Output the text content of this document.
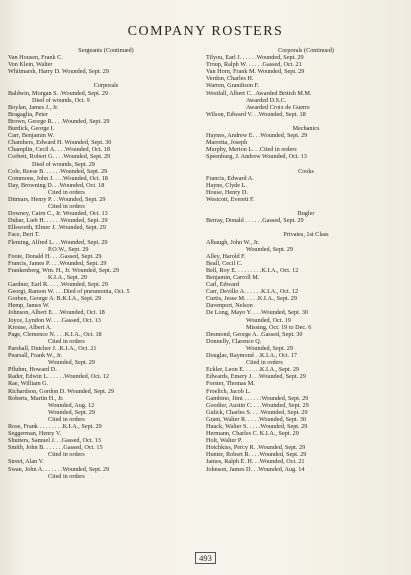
COMPANY ROSTERS
Sergeants (Continued)
Van Housen, Frank C.
Von Klein, Walter
Whitmarsh, Harry D. Wounded, Sept. 29
Corporals
Baldwin, Morgan S. .Wounded, Sept. 29
Died of wounds, Oct. 9
Boylan, James J., Jr.
Bragaglia, Peter
Brown, George R. . . .Wounded, Sept. 29
Burdick, George I.
Carr, Benjamin W.
Chambers, Edward H. Wounded, Sept. 30
Champlin, Cecil A. . . .Wounded, Oct. 18
Corbett, Robert G. . . .Wounded, Sept. 29
Died of wounds, Sept. 29
Cole, Reese B. . . . . .Wounded, Sept. 29
Commons, John J. . . .Wounded, Oct. 18
Day, Browning D. . .Wounded, Oct. 18
Cited in orders
Ditmars, Henry P. . .Wounded, Sept. 29
Cited in orders
Downey, Cairn C., Jr. Wounded, Oct. 13
Dubar, Lieb H. . . . . .Wounded, Sept. 29
Ellsworth, Elmer J. .Wounded, Sept. 29
Face, Bert T.
Fleming, Alfred L. . .Wounded, Sept. 29
P.O.W., Sept. 29
Foote, Donald H. . . .Gassed, Sept. 29
Francis, James P. . . .Wounded, Sept. 29
Frankenberg, Wm. H., Jr. Wounded, Sept. 29
K.I.A., Sept. 29
Gardner, Earl R. . . . .Wounded, Sept. 29
Georgi, Ramon W. . . .Died of pneumonia, Oct. 5
Gorhen, George A. B.K.I.A., Sept. 29
Hemp, James W.
Johnson, Albert E. . .Wounded, Oct. 18
Joyce, Lyndon W. . . .Gassed, Oct. 13
Krouse, Albert A.
Page, Clemence N. . . .K.I.A., Oct. 18
Cited in orders
Parshall, Dutcher J. .K.I.A., Oct. 21
Pearsall, Frank W., Jr.
Wounded, Sept. 29
Pfluhm, Howard D.
Rader, Edwin L. . . . . .Wounded, Oct. 12
Rae, William G.
Richardson, Gordon D. Wounded, Sept. 29
Roberts, Martin H., Jr.
Wounded, Aug. 12
Wounded, Sept. 29
Cited in orders
Rose, Frank . . . . . . . .K.I.A., Sept. 29
Seggerman, Henry V.
Shutters, Samuel J. . .Gassed, Oct. 13
Smith, John B. . . . . . .Gassed, Oct. 15
Cited in orders
Street, Alan V.
Swan, John A. . . . . . .Wounded, Sept. 29
Cited in orders
Corporals (Continued)
Tilyou, Earl J. . . . . .Wounded, Sept. 29
Troup, Ralph W. . . . . .Gassed, Oct. 21
Van Horn, Frank M. Wounded, Sept. 29
Verdon, Charles H.
Warren, Grandison F.
Westfall, Albert C. .Awarded British M.M.
Awarded D.S.C.
Awarded Croix de Guerre
Wilson, Edward V. . .Wounded, Sept. 18
Mechanics
Haynes, Andrew E. . .Wounded, Sept. 29
Marretta, Joseph
Murphy, Merton L. . .Cited in orders
Speenburg, J. Andrew Wounded, Oct. 13
Cooks
Francis, Edward A.
Hayne, Clyde L.
House, Henry D.
Westcott, Everett F.
Bugler
Berray, Donald . . . . . .Gassed, Sept. 29
Privates, 1st Class
Albaugh, John W., Jr.
Wounded, Sept. 29
Alley, Harold F.
Beall, Cecil C.
Bell, Roy E. . . . . . . . .K.I.A., Oct. 12
Benjamin, Carroll M.
Carl, Edward
Carr, Devillo A. . . . . .K.I.A., Oct. 12
Curtis, Jesse M. . . . .K.I.A., Sept. 29
Davenport, Nelson
De Long, Mayo Y. . . .Wounded, Sept. 30
Wounded, Oct. 19
Missing, Oct. 19 to Dec. 6
Desmond, George A. .Gassed, Sept. 30
Donnelly, Clarence Q.
Wounded, Sept. 29
Douglas, Raymond . .K.I.A., Oct. 17
Cited in orders
Eckler, Leon E. . . . . .K.I.A., Sept. 29
Edwards, Emery J. . .Wounded, Sept. 29
Forster, Thomas M.
Froelich, Jacob L.
Gambino, Jimi . . . . . .Wounded, Sept. 29
Goodier, Austin C. . . .Wounded, Sept. 29
Gulick, Charles S. . . .Wounded, Sept. 29
Grant, Walter R. . . . .Wounded, Sept. 30
Hauck, Walter S. . . . .Wounded, Sept. 29
Hermann, Charles C. K.I.A., Sept. 29
Holt, Walter P.
Hotchkiss, Percy R. .Wounded, Sept. 29
Hunter, Robert B. . . .Wounded, Sept. 29
James, Ralph E. H. . .Wounded, Oct. 21
Johnson, James D. . .Wounded, Aug. 14
493
